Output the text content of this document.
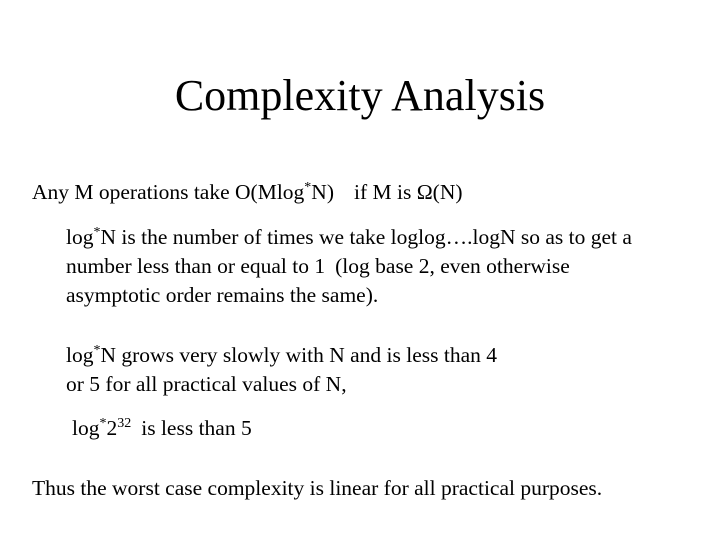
Complexity Analysis

Any M operations take O(Mlog*N) if M is Ω(N)

log*N is the number of times we take loglog….logN so as to get a number less than or equal to 1 (log base 2, even otherwise asymptotic order remains the same).

log*N grows very slowly with N and is less than 4 or 5 for all practical values of N,

$\log^*2^{32}$ is less than 5

Thus the worst case complexity is linear for all practical purposes.
